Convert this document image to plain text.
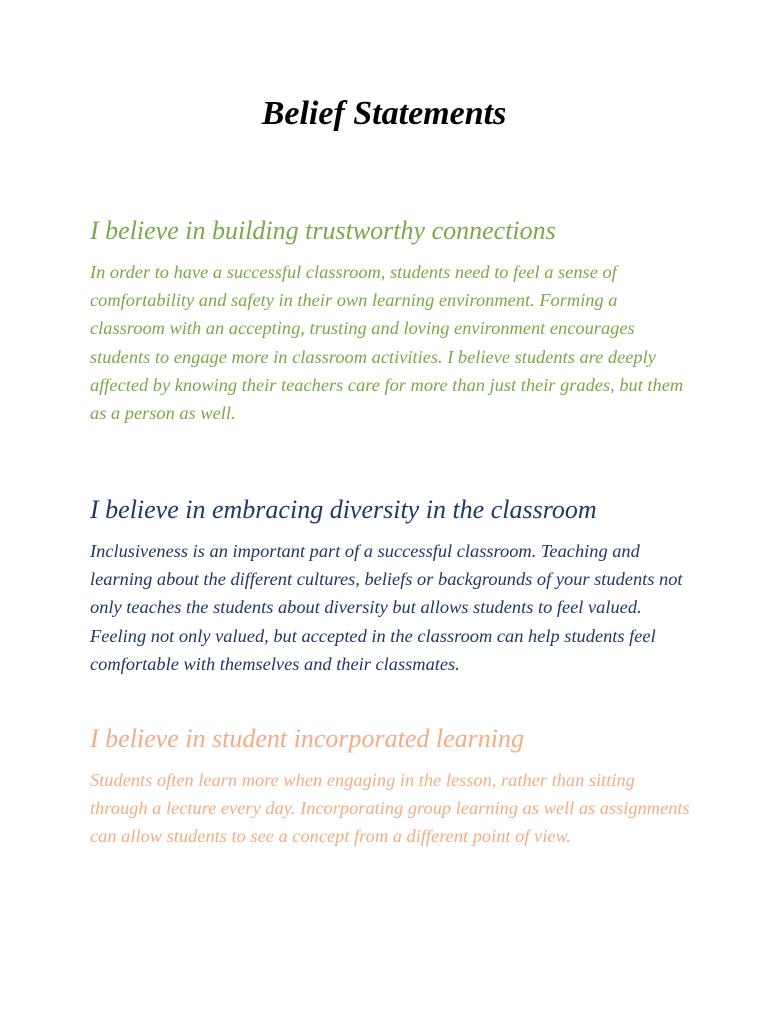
Belief Statements
I believe in building trustworthy connections

In order to have a successful classroom, students need to feel a sense of comfortability and safety in their own learning environment. Forming a classroom with an accepting, trusting and loving environment encourages students to engage more in classroom activities. I believe students are deeply affected by knowing their teachers care for more than just their grades, but them as a person as well.

I believe in embracing diversity in the classroom

Inclusiveness is an important part of a successful classroom. Teaching and learning about the different cultures, beliefs or backgrounds of your students not only teaches the students about diversity but allows students to feel valued. Feeling not only valued, but accepted in the classroom can help students feel comfortable with themselves and their classmates.

I believe in student incorporated learning

Students often learn more when engaging in the lesson, rather than sitting through a lecture every day. Incorporating group learning as well as assignments can allow students to see a concept from a different point of view.
